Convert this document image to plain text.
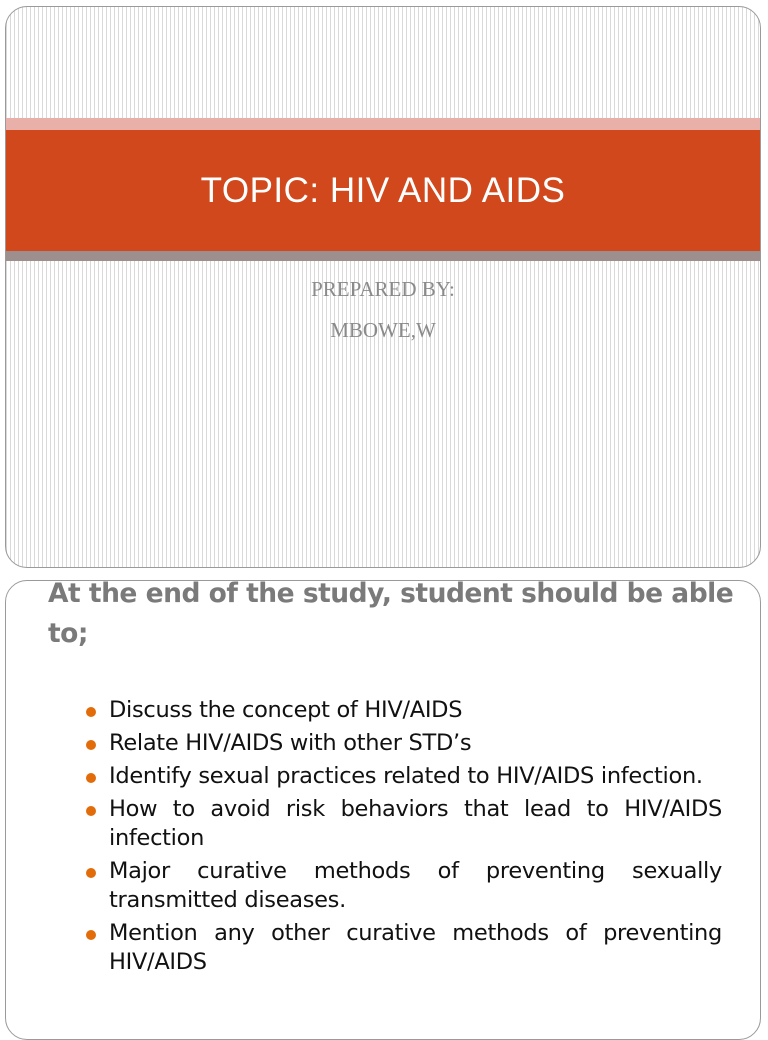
TOPIC: HIV AND AIDS
PREPARED BY:
MBOWE,W
At the end of the study, student should be able to;
Discuss the concept of HIV/AIDS
Relate HIV/AIDS with other STD’s
Identify sexual practices related to HIV/AIDS infection.
How to avoid risk behaviors that lead to HIV/AIDS infection
Major curative methods of preventing sexually transmitted diseases.
Mention any other curative methods of preventing HIV/AIDS
